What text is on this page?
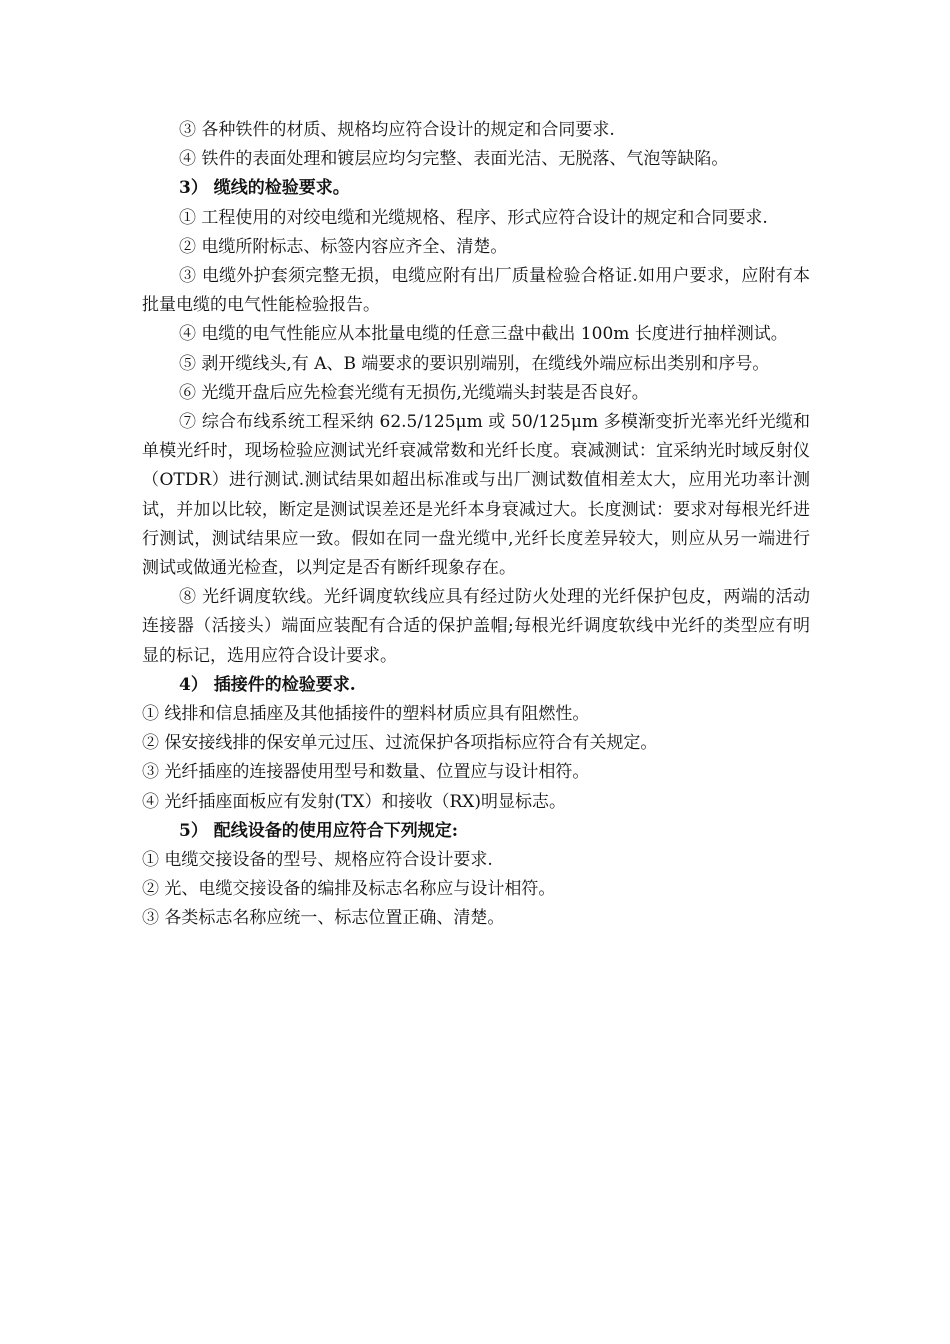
③ 各种铁件的材质、规格均应符合设计的规定和合同要求.

④ 铁件的表面处理和镀层应均匀完整、表面光洁、无脱落、气泡等缺陷。

3） 缆线的检验要求。

① 工程使用的对绞电缆和光缆规格、程序、形式应符合设计的规定和合同要求.

② 电缆所附标志、标签内容应齐全、清楚。

③ 电缆外护套须完整无损，电缆应附有出厂质量检验合格证.如用户要求，应附有本批量电缆的电气性能检验报告。

④ 电缆的电气性能应从本批量电缆的任意三盘中截出 100m 长度进行抽样测试。

⑤ 剥开缆线头,有 A、B 端要求的要识别端别，在缆线外端应标出类别和序号。

⑥ 光缆开盘后应先检套光缆有无损伤,光缆端头封装是否良好。

⑦ 综合布线系统工程采纳 62.5/125μm 或 50/125μm 多模渐变折光率光纤光缆和单模光纤时，现场检验应测试光纤衰减常数和光纤长度。衰减测试：宜采纳光时域反射仪（OTDR）进行测试.测试结果如超出标准或与出厂测试数值相差太大，应用光功率计测试，并加以比较，断定是测试误差还是光纤本身衰减过大。长度测试：要求对每根光纤进行测试，测试结果应一致。假如在同一盘光缆中,光纤长度差异较大，则应从另一端进行测试或做通光检查，以判定是否有断纤现象存在。

⑧ 光纤调度软线。光纤调度软线应具有经过防火处理的光纤保护包皮，两端的活动连接器（活接头）端面应装配有合适的保护盖帽;每根光纤调度软线中光纤的类型应有明显的标记，选用应符合设计要求。

4） 插接件的检验要求.

① 线排和信息插座及其他插接件的塑料材质应具有阻燃性。

② 保安接线排的保安单元过压、过流保护各项指标应符合有关规定。

③ 光纤插座的连接器使用型号和数量、位置应与设计相符。

④ 光纤插座面板应有发射(TX）和接收（RX)明显标志。

5） 配线设备的使用应符合下列规定:

① 电缆交接设备的型号、规格应符合设计要求.

② 光、电缆交接设备的编排及标志名称应与设计相符。

③ 各类标志名称应统一、标志位置正确、清楚。
